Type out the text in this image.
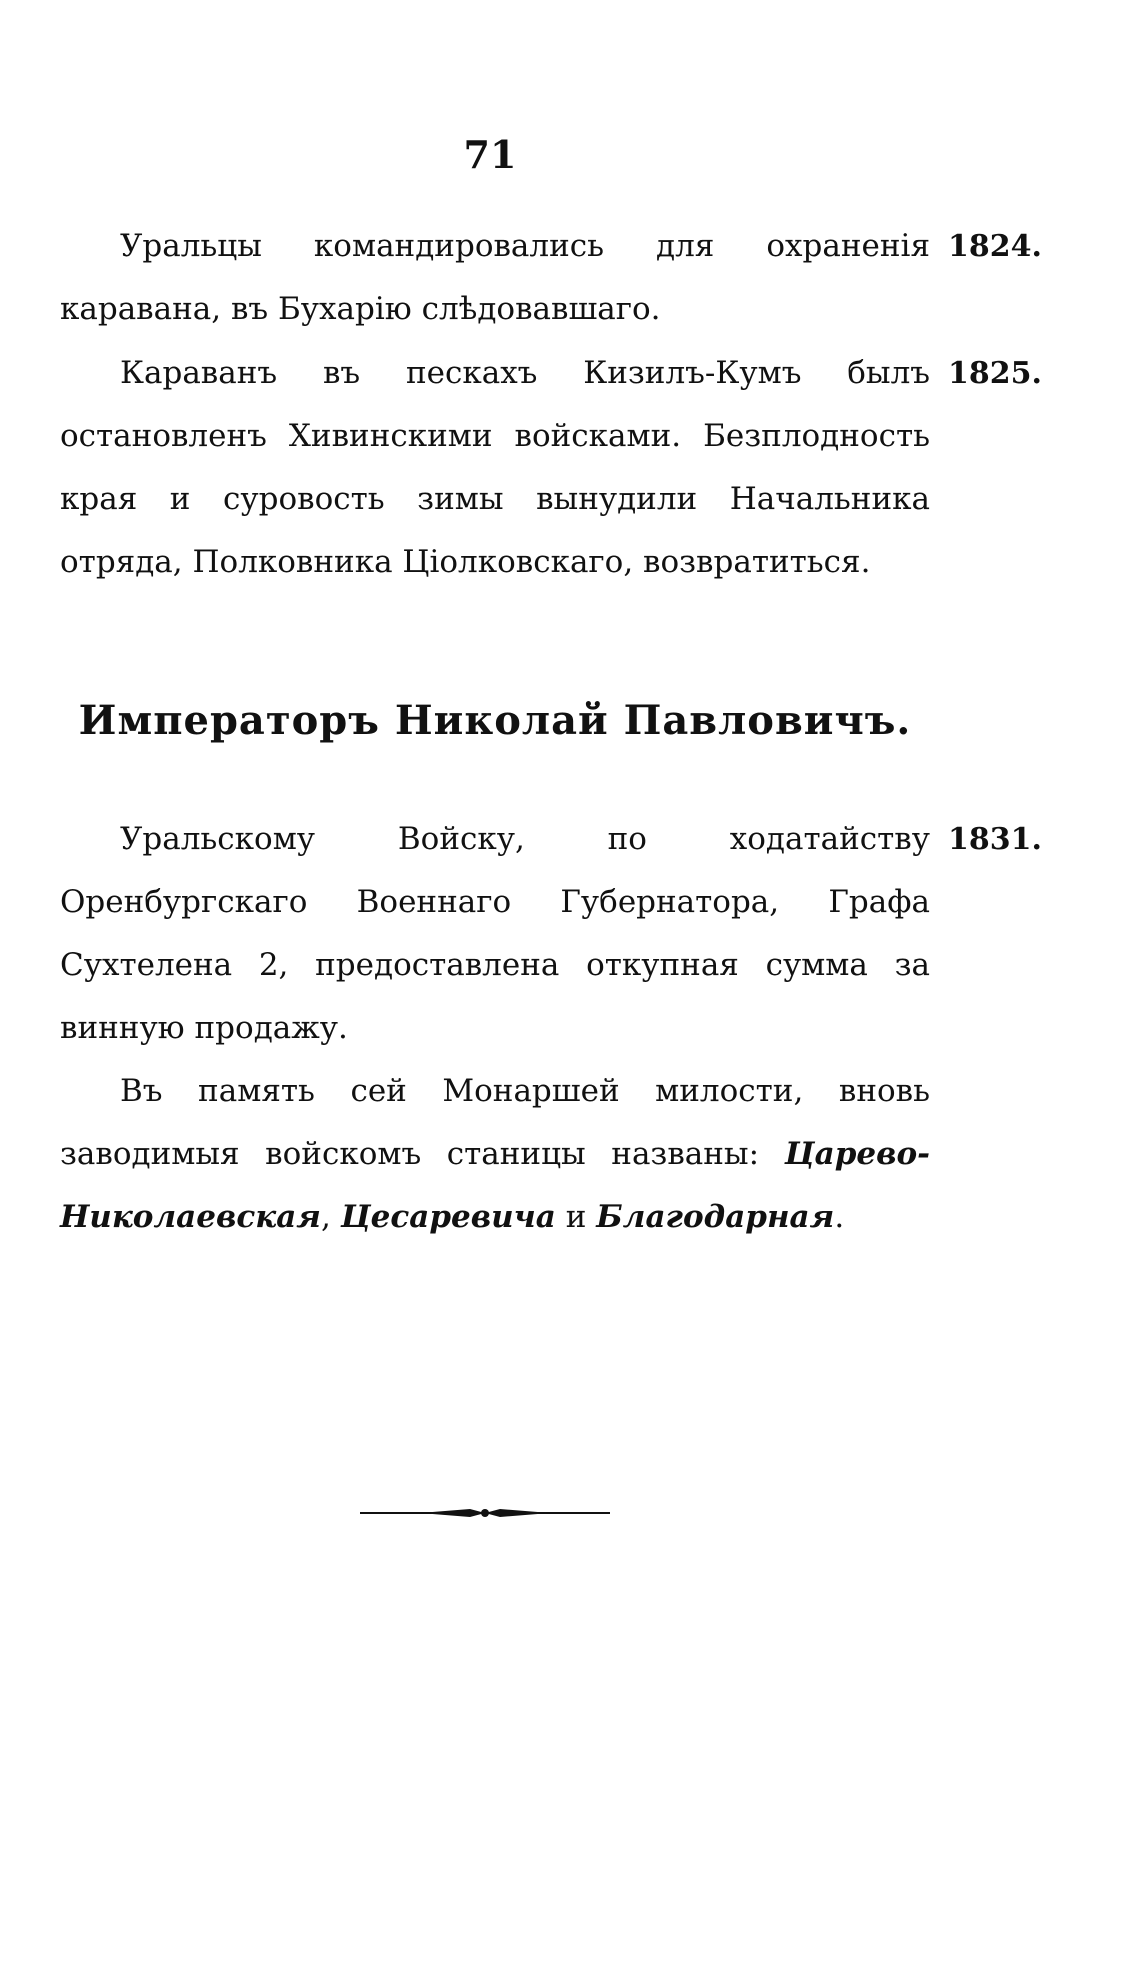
71
Уральцы командировались для охраненія каравана, въ Бухарію слѣдовавшаго.
1824.
Караванъ въ пескахъ Кизилъ-Кумъ былъ остановленъ Хивинскими войсками. Безплодность края и суровость зимы вынудили Начальника отряда, Полковника Ціолковскаго, возвратиться.
1825.
Императоръ Николай Павловичъ.
Уральскому Войску, по ходатайству Оренбургскаго Военнаго Губернатора, Графа Сухтелена 2, предоставлена откупная сумма за винную продажу.
1831.
Въ память сей Монаршей милости, вновь заводимыя войскомъ станицы названы: Царево-Николаевская, Цесаревича и Благодарная.
